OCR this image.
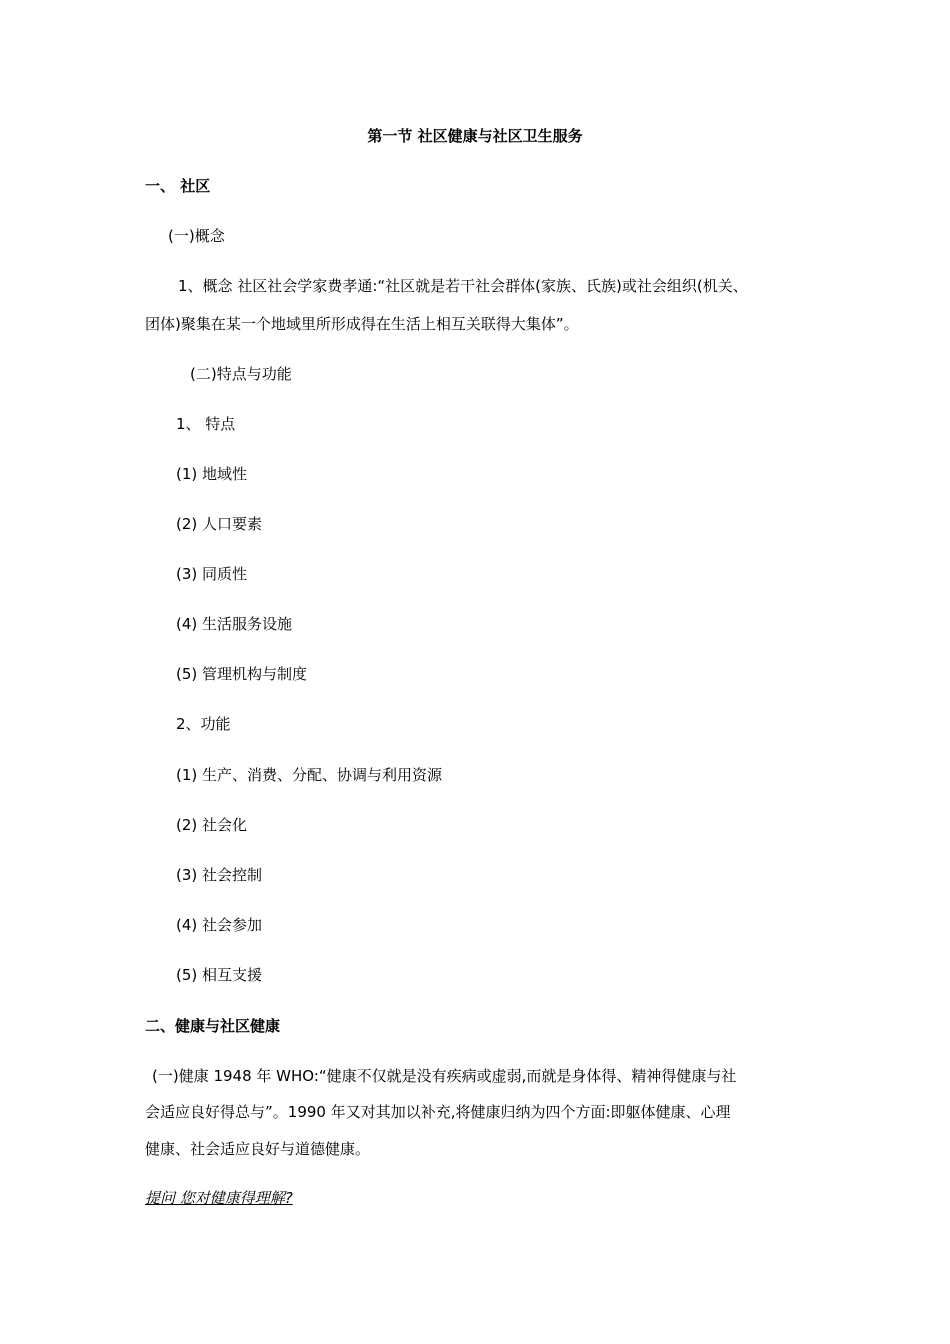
第一节 社区健康与社区卫生服务
一、 社区
(一)概念
1、概念 社区社会学家费孝通:“社区就是若干社会群体(家族、氏族)或社会组织(机关、
团体)聚集在某一个地域里所形成得在生活上相互关联得大集体”。
(二)特点与功能
1、 特点
(1) 地域性
(2) 人口要素
(3) 同质性
(4) 生活服务设施
(5) 管理机构与制度
2、功能
(1) 生产、消费、分配、协调与利用资源
(2) 社会化
(3) 社会控制
(4) 社会参加
(5) 相互支援
二、健康与社区健康
(一)健康 1948 年 WHO:“健康不仅就是没有疾病或虚弱,而就是身体得、精神得健康与社
会适应良好得总与”。1990 年又对其加以补充,将健康归纳为四个方面:即躯体健康、心理
健康、社会适应良好与道德健康。
提问 您对健康得理解?
